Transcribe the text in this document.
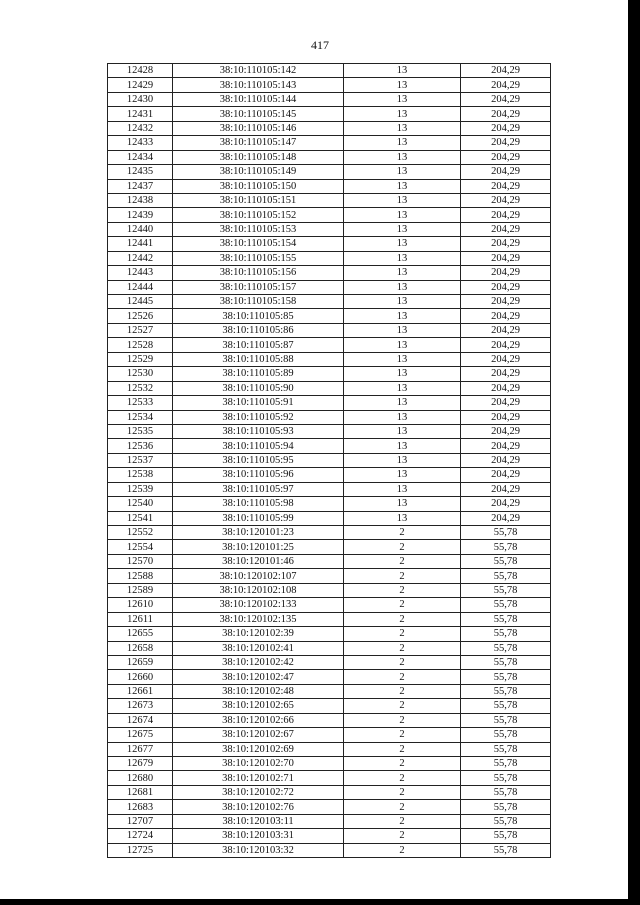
417
12428	38:10:110105:142	13	204,29
12429	38:10:110105:143	13	204,29
12430	38:10:110105:144	13	204,29
12431	38:10:110105:145	13	204,29
12432	38:10:110105:146	13	204,29
12433	38:10:110105:147	13	204,29
12434	38:10:110105:148	13	204,29
12435	38:10:110105:149	13	204,29
12437	38:10:110105:150	13	204,29
12438	38:10:110105:151	13	204,29
12439	38:10:110105:152	13	204,29
12440	38:10:110105:153	13	204,29
12441	38:10:110105:154	13	204,29
12442	38:10:110105:155	13	204,29
12443	38:10:110105:156	13	204,29
12444	38:10:110105:157	13	204,29
12445	38:10:110105:158	13	204,29
12526	38:10:110105:85	13	204,29
12527	38:10:110105:86	13	204,29
12528	38:10:110105:87	13	204,29
12529	38:10:110105:88	13	204,29
12530	38:10:110105:89	13	204,29
12532	38:10:110105:90	13	204,29
12533	38:10:110105:91	13	204,29
12534	38:10:110105:92	13	204,29
12535	38:10:110105:93	13	204,29
12536	38:10:110105:94	13	204,29
12537	38:10:110105:95	13	204,29
12538	38:10:110105:96	13	204,29
12539	38:10:110105:97	13	204,29
12540	38:10:110105:98	13	204,29
12541	38:10:110105:99	13	204,29
12552	38:10:120101:23	2	55,78
12554	38:10:120101:25	2	55,78
12570	38:10:120101:46	2	55,78
12588	38:10:120102:107	2	55,78
12589	38:10:120102:108	2	55,78
12610	38:10:120102:133	2	55,78
12611	38:10:120102:135	2	55,78
12655	38:10:120102:39	2	55,78
12658	38:10:120102:41	2	55,78
12659	38:10:120102:42	2	55,78
12660	38:10:120102:47	2	55,78
12661	38:10:120102:48	2	55,78
12673	38:10:120102:65	2	55,78
12674	38:10:120102:66	2	55,78
12675	38:10:120102:67	2	55,78
12677	38:10:120102:69	2	55,78
12679	38:10:120102:70	2	55,78
12680	38:10:120102:71	2	55,78
12681	38:10:120102:72	2	55,78
12683	38:10:120102:76	2	55,78
12707	38:10:120103:11	2	55,78
12724	38:10:120103:31	2	55,78
12725	38:10:120103:32	2	55,78
